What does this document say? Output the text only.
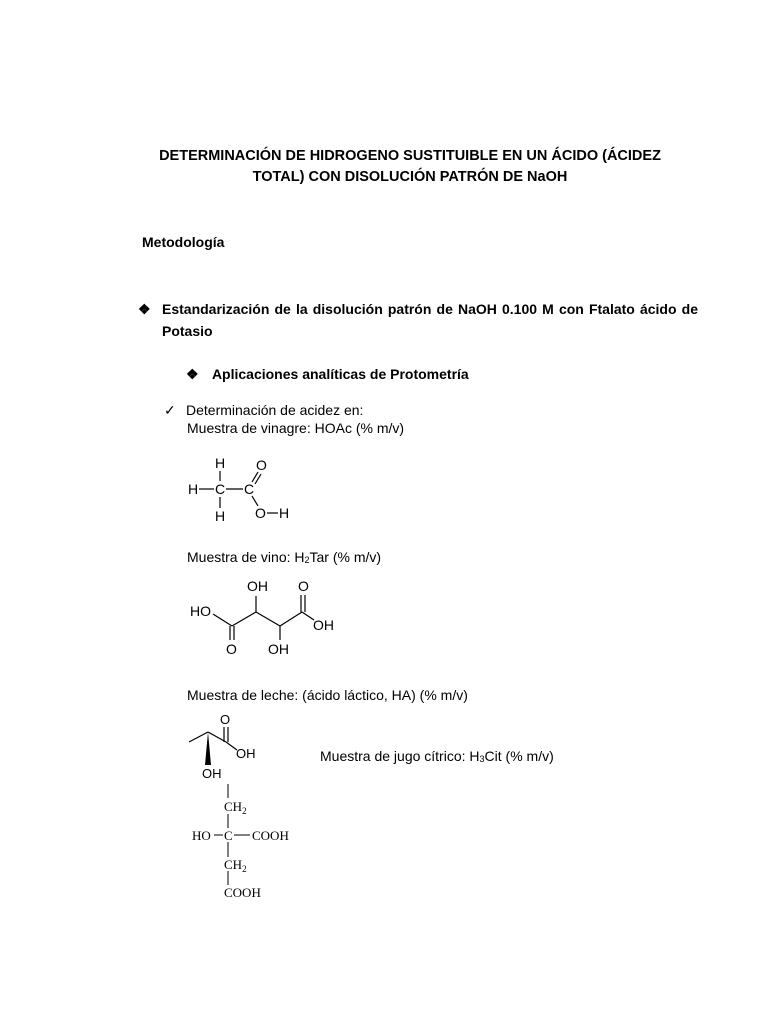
DETERMINACIÓN DE HIDROGENO SUSTITUIBLE EN UN ÁCIDO (ÁCIDEZ TOTAL) CON DISOLUCIÓN PATRÓN DE NaOH
Metodología
❖ Estandarización de la disolución patrón de NaOH 0.100 M con Ftalato ácido de Potasio
❖ Aplicaciones analíticas de Protometría
✓ Determinación de acidez en:
Muestra de vinagre: HOAc (% m/v)
H
H C C
O
H O H
Muestra de vino: $H_2Tar$ (% m/v)
HO
OH O
OH
O OH
Muestra de leche: (ácido láctico, HA) (% m/v)
O
OH
OH
Muestra de jugo cítrico: $H_3Cit$ (% m/v)
$CH_2$
HO C COOH
$CH_2$
COOH
